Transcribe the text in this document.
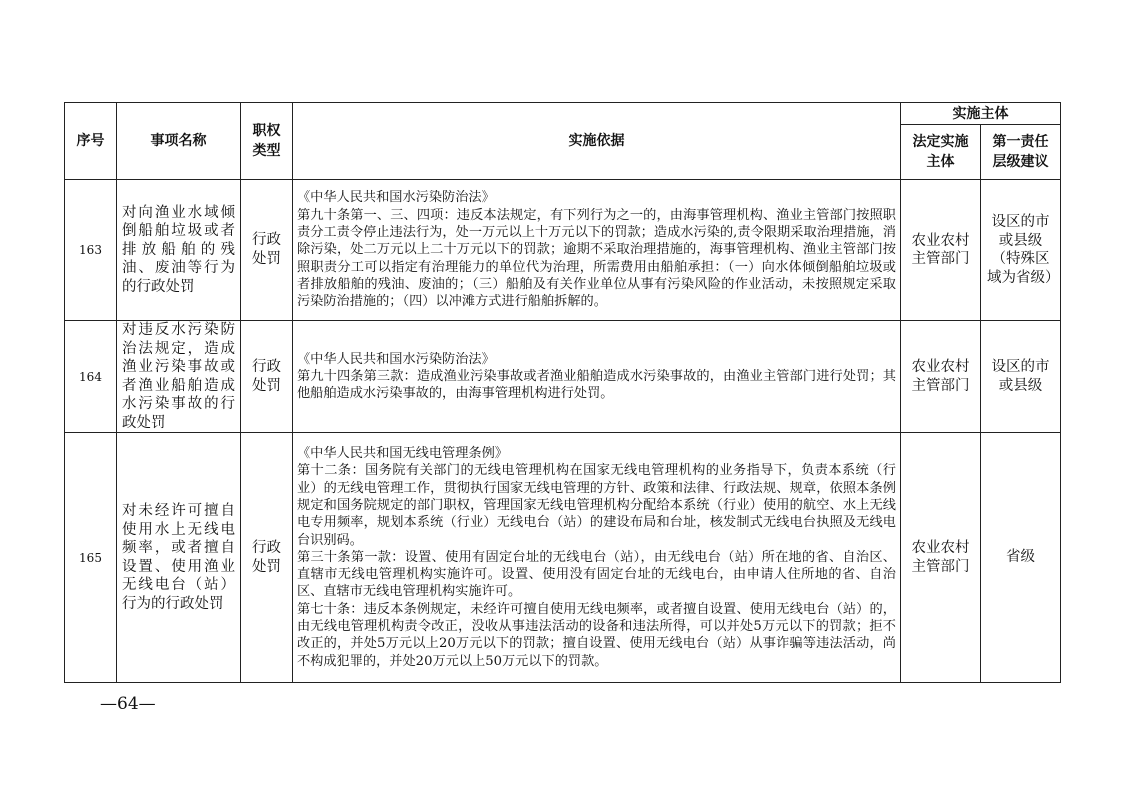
序号	事项名称	职权类型	实施依据	实施主体	

				法定实施主体	第一责任层级建议

163	对向渔业水域倾倒船舶垃圾或者排放船舶的残油、废油等行为的行政处罚	行政处罚	《中华人民共和国水污染防治法》

第九十条第一、三、四项：违反本法规定，有下列行为之一的，由海事管理机构、渔业主管部门按照职责分工责令停止违法行为，处一万元以上十万元以下的罚款；造成水污染的,责令限期采取治理措施，消除污染，处二万元以上二十万元以下的罚款；逾期不采取治理措施的，海事管理机构、渔业主管部门按照职责分工可以指定有治理能力的单位代为治理，所需费用由船舶承担：（一）向水体倾倒船舶垃圾或者排放船舶的残油、废油的；（三）船舶及有关作业单位从事有污染风险的作业活动，未按照规定采取污染防治措施的；（四）以冲滩方式进行船舶拆解的。	农业农村主管部门	设区的市或县级（特殊区域为省级）
164	对违反水污染防治法规定，造成渔业污染事故或者渔业船舶造成水污染事故的行政处罚	行政处罚	《中华人民共和国水污染防治法》

第九十四条第三款：造成渔业污染事故或者渔业船舶造成水污染事故的，由渔业主管部门进行处罚；其他船舶造成水污染事故的，由海事管理机构进行处罚。	农业农村主管部门	设区的市或县级
165	对未经许可擅自使用水上无线电频率，或者擅自设置、使用渔业无线电台（站）行为的行政处罚	行政处罚	《中华人民共和国无线电管理条例》

第十二条：国务院有关部门的无线电管理机构在国家无线电管理机构的业务指导下，负责本系统（行业）的无线电管理工作，贯彻执行国家无线电管理的方针、政策和法律、行政法规、规章，依照本条例规定和国务院规定的部门职权，管理国家无线电管理机构分配给本系统（行业）使用的航空、水上无线电专用频率，规划本系统（行业）无线电台（站）的建设布局和台址，核发制式无线电台执照及无线电台识别码。

第三十条第一款：设置、使用有固定台址的无线电台（站），由无线电台（站）所在地的省、自治区、直辖市无线电管理机构实施许可。设置、使用没有固定台址的无线电台，由申请人住所地的省、自治区、直辖市无线电管理机构实施许可。

第七十条：违反本条例规定，未经许可擅自使用无线电频率，或者擅自设置、使用无线电台（站）的，由无线电管理机构责令改正，没收从事违法活动的设备和违法所得，可以并处5万元以下的罚款；拒不改正的，并处5万元以上20万元以下的罚款；擅自设置、使用无线电台（站）从事诈骗等违法活动，尚不构成犯罪的，并处20万元以上50万元以下的罚款。	农业农村主管部门	省级
—64—
